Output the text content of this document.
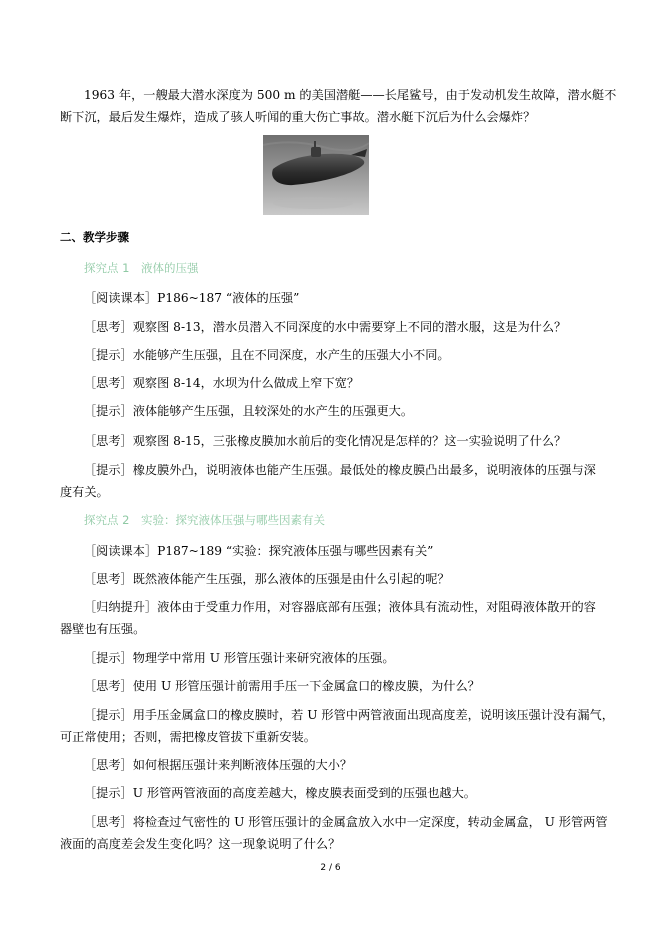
1963 年，一艘最大潜水深度为 500 m 的美国潜艇——长尾鲨号，由于发动机发生故障，潜水艇不

断下沉，最后发生爆炸，造成了骇人听闻的重大伤亡事故。潜水艇下沉后为什么会爆炸？

二、教学步骤
探究点 1　液体的压强

［阅读课本］P186~187 “液体的压强”

［思考］观察图 8-13，潜水员潜入不同深度的水中需要穿上不同的潜水服，这是为什么？

［提示］水能够产生压强，且在不同深度，水产生的压强大小不同。

［思考］观察图 8-14，水坝为什么做成上窄下宽？

［提示］液体能够产生压强，且较深处的水产生的压强更大。

［思考］观察图 8-15，三张橡皮膜加水前后的变化情况是怎样的？这一实验说明了什么？

［提示］橡皮膜外凸，说明液体也能产生压强。最低处的橡皮膜凸出最多，说明液体的压强与深

度有关。

探究点 2　实验：探究液体压强与哪些因素有关

［阅读课本］P187~189 “实验：探究液体压强与哪些因素有关”

［思考］既然液体能产生压强，那么液体的压强是由什么引起的呢？

［归纳提升］液体由于受重力作用，对容器底部有压强；液体具有流动性，对阻碍液体散开的容

器壁也有压强。

［提示］物理学中常用 U 形管压强计来研究液体的压强。

［思考］使用 U 形管压强计前需用手压一下金属盒口的橡皮膜，为什么？

［提示］用手压金属盒口的橡皮膜时，若 U 形管中两管液面出现高度差，说明该压强计没有漏气，

可正常使用；否则，需把橡皮管拔下重新安装。

［思考］如何根据压强计来判断液体压强的大小？

［提示］U 形管两管液面的高度差越大，橡皮膜表面受到的压强也越大。

［思考］将检查过气密性的 U 形管压强计的金属盒放入水中一定深度，转动金属盒， U 形管两管

液面的高度差会发生变化吗？这一现象说明了什么？

2 / 6
